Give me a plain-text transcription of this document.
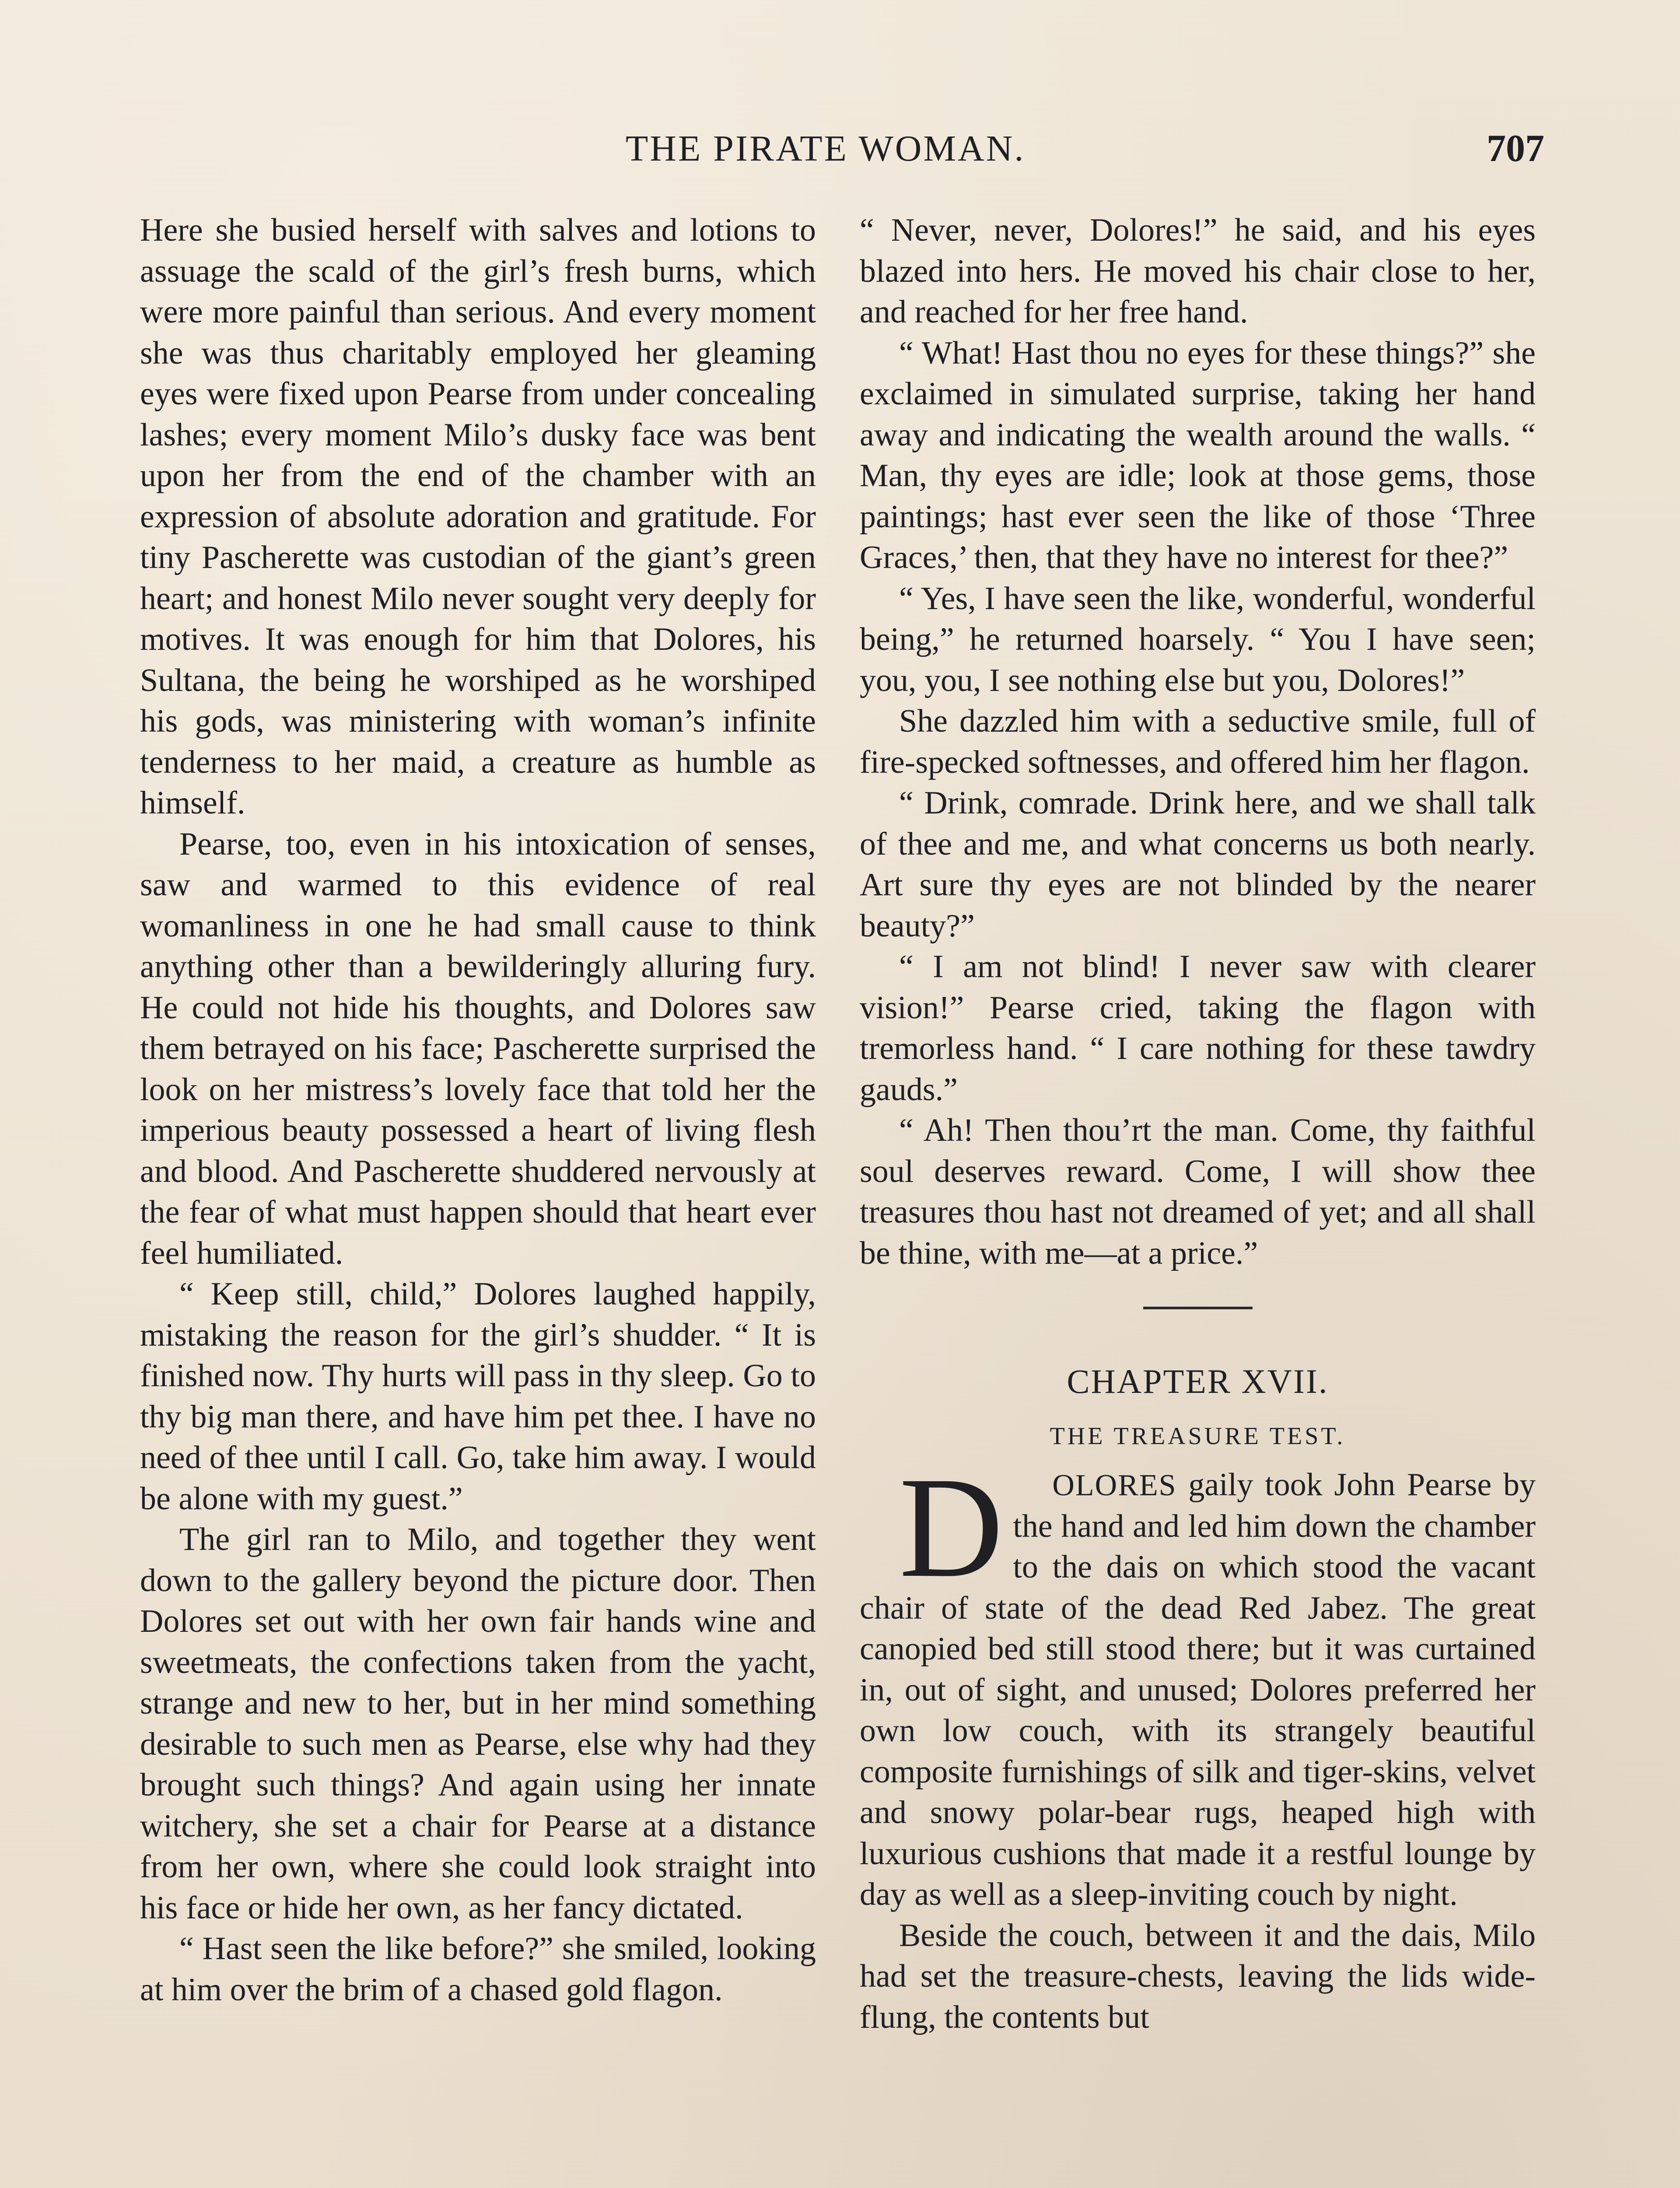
THE PIRATE WOMAN.	707

Here she busied herself with salves and lotions to assuage the scald of the girl’s fresh burns, which were more painful than serious. And every moment she was thus charitably employed her gleaming eyes were fixed upon Pearse from under concealing lashes; every moment Milo’s dusky face was bent upon her from the end of the chamber with an expression of absolute adoration and gratitude. For tiny Pascherette was custodian of the giant’s green heart; and honest Milo never sought very deeply for motives. It was enough for him that Dolores, his Sultana, the being he worshiped as he worshiped his gods, was ministering with woman’s infinite tenderness to her maid, a creature as humble as himself.

Pearse, too, even in his intoxication of senses, saw and warmed to this evidence of real womanliness in one he had small cause to think anything other than a bewilderingly alluring fury. He could not hide his thoughts, and Dolores saw them betrayed on his face; Pascherette surprised the look on her mistress’s lovely face that told her the imperious beauty possessed a heart of living flesh and blood. And Pascherette shuddered nervously at the fear of what must happen should that heart ever feel humiliated.

“ Keep still, child,” Dolores laughed happily, mistaking the reason for the girl’s shudder. “ It is finished now. Thy hurts will pass in thy sleep. Go to thy big man there, and have him pet thee. I have no need of thee until I call. Go, take him away. I would be alone with my guest.”

The girl ran to Milo, and together they went down to the gallery beyond the picture door. Then Dolores set out with her own fair hands wine and sweetmeats, the confections taken from the yacht, strange and new to her, but in her mind something desirable to such men as Pearse, else why had they brought such things? And again using her innate witchery, she set a chair for Pearse at a distance from her own, where she could look straight into his face or hide her own, as her fancy dictated.

“ Hast seen the like before?” she smiled, looking at him over the brim of a chased gold flagon.

“ Never, never, Dolores!” he said, and his eyes blazed into hers. He moved his chair close to her, and reached for her free hand.

“ What! Hast thou no eyes for these things?” she exclaimed in simulated surprise, taking her hand away and indicating the wealth around the walls. “ Man, thy eyes are idle; look at those gems, those paintings; hast ever seen the like of those ‘Three Graces,’ then, that they have no interest for thee?”

“ Yes, I have seen the like, wonderful, wonderful being,” he returned hoarsely. “ You I have seen; you, you, I see nothing else but you, Dolores!”

She dazzled him with a seductive smile, full of fire-specked softnesses, and offered him her flagon.

“ Drink, comrade. Drink here, and we shall talk of thee and me, and what concerns us both nearly. Art sure thy eyes are not blinded by the nearer beauty?”

“ I am not blind! I never saw with clearer vision!” Pearse cried, taking the flagon with tremorless hand. “ I care nothing for these tawdry gauds.”

“ Ah! Then thou’rt the man. Come, thy faithful soul deserves reward. Come, I will show thee treasures thou hast not dreamed of yet; and all shall be thine, with me—at a price.”

CHAPTER XVII.
THE TREASURE TEST.

D OLORES gaily took John Pearse by the hand and led him down the chamber to the dais on which stood the vacant chair of state of the dead Red Jabez. The great canopied bed still stood there; but it was curtained in, out of sight, and unused; Dolores preferred her own low couch, with its strangely beautiful composite furnishings of silk and tiger-skins, velvet and snowy polar-bear rugs, heaped high with luxurious cushions that made it a restful lounge by day as well as a sleep-inviting couch by night.

Beside the couch, between it and the dais, Milo had set the treasure-chests, leaving the lids wide-flung, the contents but
